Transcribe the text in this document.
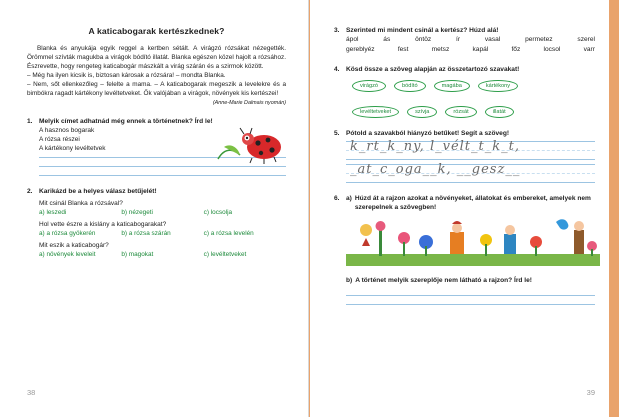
A katicabogarak kertészkednek?

Blanka és anyukája egyik reggel a kertben sétált. A virágzó rózsákat nézegették. Örömmel szívták magukba a virágok bódító illatát. Blanka egészen közel hajolt a rózsához. Észrevette, hogy rengeteg katicabogár mászkált a virág szárán és a szirmok között.

– Még ha ilyen kicsik is, biztosan károsak a rózsára! – mondta Blanka.

– Nem, sőt ellenkezőleg – felelte a mama. – A katicabogarak megeszik a levelekre és a bimbókra ragadt kártékony levéltetveket. Ők valójában a virágok, növények kis kertészei!

(Anne-Marie Dalmais nyomán)
1. Melyik címet adhatnád még ennek a történetnek? Írd le!
A hasznos bogarak
A rózsa részei
A kártékony levéltetvek
2. Karikázd be a helyes válasz betűjelét!
Mit csinál Blanka a rózsával?
a) leszedi	b) nézegeti	c) locsolja
Hol vette észre a kislány a katicabogarakat?
a) a rózsa gyökerén	b) a rózsa szárán	c) a rózsa levelén
Mit eszik a katicabogár?
a) növények leveleit	b) magokat	c) levéltetveket
38
3. Szerinted mi mindent csinál a kertész? Húzd alá!
ápol	ás	öntöz	ír	vasal	permetez	szerel
gereblyéz	fest	metsz	kapál	főz	locsol	varr
4. Kösd össze a szöveg alapján az összetartozó szavakat!
virágzó	bódító	magába	kártékony
levéltetveket	szívja	rózsát	illatát
5. Pótold a szavakból hiányzó betűket! Segít a szöveg!
k_rt_k_ny, l_vélt_t_k_t,
_at_c_oga__k, __gesz__
6. a) Húzd át a rajzon azokat a növényeket, állatokat és embereket, amelyek nem szerepelnek a szövegben!
b) A történet melyik szereplője nem látható a rajzon? Írd le!
39
